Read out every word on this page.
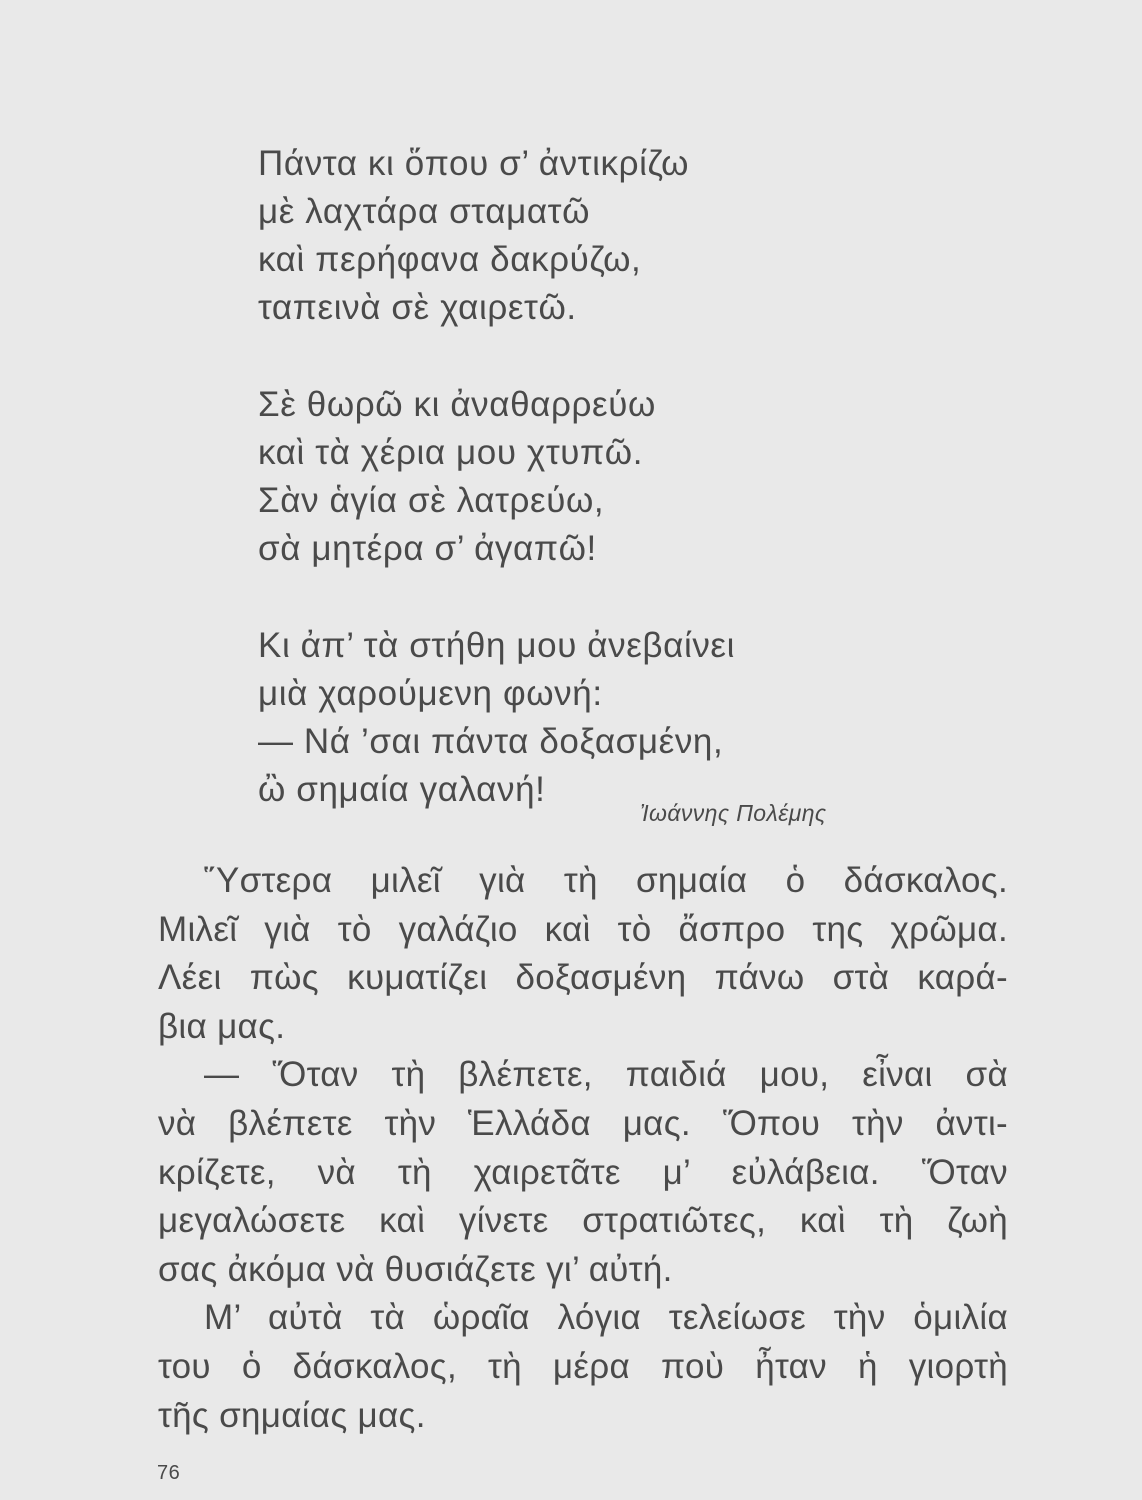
Πάντα κι ὅπου σ’ ἀντικρίζω
μὲ λαχτάρα σταματῶ
καὶ περήφανα δακρύζω,
ταπεινὰ σὲ χαιρετῶ.
Σὲ θωρῶ κι ἀναθαρρεύω
καὶ τὰ χέρια μου χτυπῶ.
Σὰν ἁγία σὲ λατρεύω,
σὰ μητέρα σ’ ἀγαπῶ!
Κι ἀπ’ τὰ στήθη μου ἀνεβαίνει
μιὰ χαρούμενη φωνή:
— Νά ’σαι πάντα δοξασμένη,
ὢ σημαία γαλανή!
Ἰωάννης Πολέμης
Ὕστερα μιλεῖ γιὰ τὴ σημαία ὁ δάσκαλος.
Μιλεῖ γιὰ τὸ γαλάζιο καὶ τὸ ἄσπρο της χρῶμα.
Λέει πὼς κυματίζει δοξασμένη πάνω στὰ καρά-
βια μας.
— Ὅταν τὴ βλέπετε, παιδιά μου, εἶναι σὰ
νὰ βλέπετε τὴν Ἑλλάδα μας. Ὅπου τὴν ἀντι-
κρίζετε, νὰ τὴ χαιρετᾶτε μ’ εὐλάβεια. Ὅταν
μεγαλώσετε καὶ γίνετε στρατιῶτες, καὶ τὴ ζωὴ
σας ἀκόμα νὰ θυσιάζετε γι’ αὐτή.
Μ’ αὐτὰ τὰ ὡραῖα λόγια τελείωσε τὴν ὁμιλία
του ὁ δάσκαλος, τὴ μέρα ποὺ ἦταν ἡ γιορτὴ
τῆς σημαίας μας.
76
